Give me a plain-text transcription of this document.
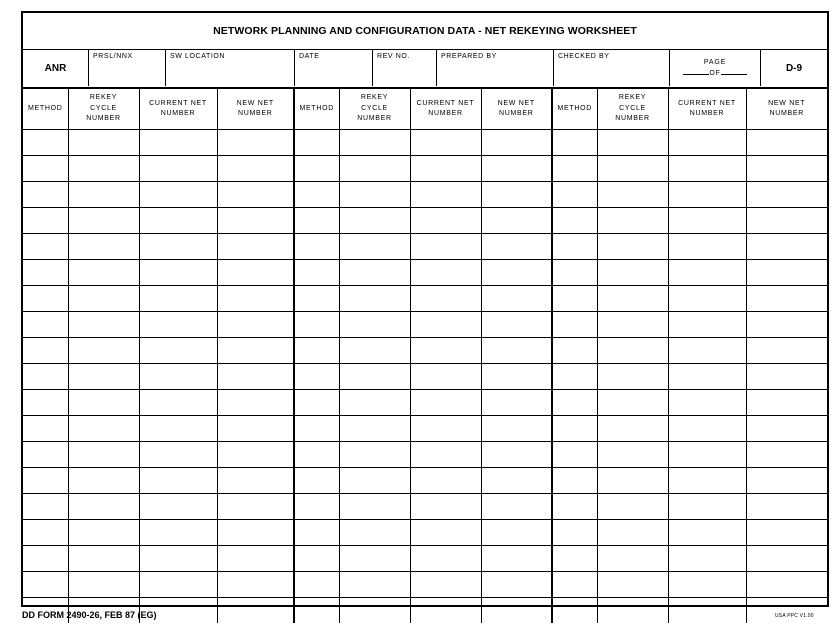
NETWORK PLANNING AND CONFIGURATION DATA - NET REKEYING WORKSHEET
ANR
PRSL/NNX	SW LOCATION	DATE	REV NO.	PREPARED BY	CHECKED BY
PAGE
OF	D-9
METHOD	REKEY
CYCLE
NUMBER	CURRENT NET
NUMBER	NEW NET
NUMBER	METHOD	REKEY
CYCLE
NUMBER	CURRENT NET
NUMBER	NEW NET
NUMBER	METHOD	REKEY
CYCLE
NUMBER	CURRENT NET
NUMBER	NEW NET
NUMBER

DD FORM 2490-26, FEB 87 (EG)	USA PPC V1.00
